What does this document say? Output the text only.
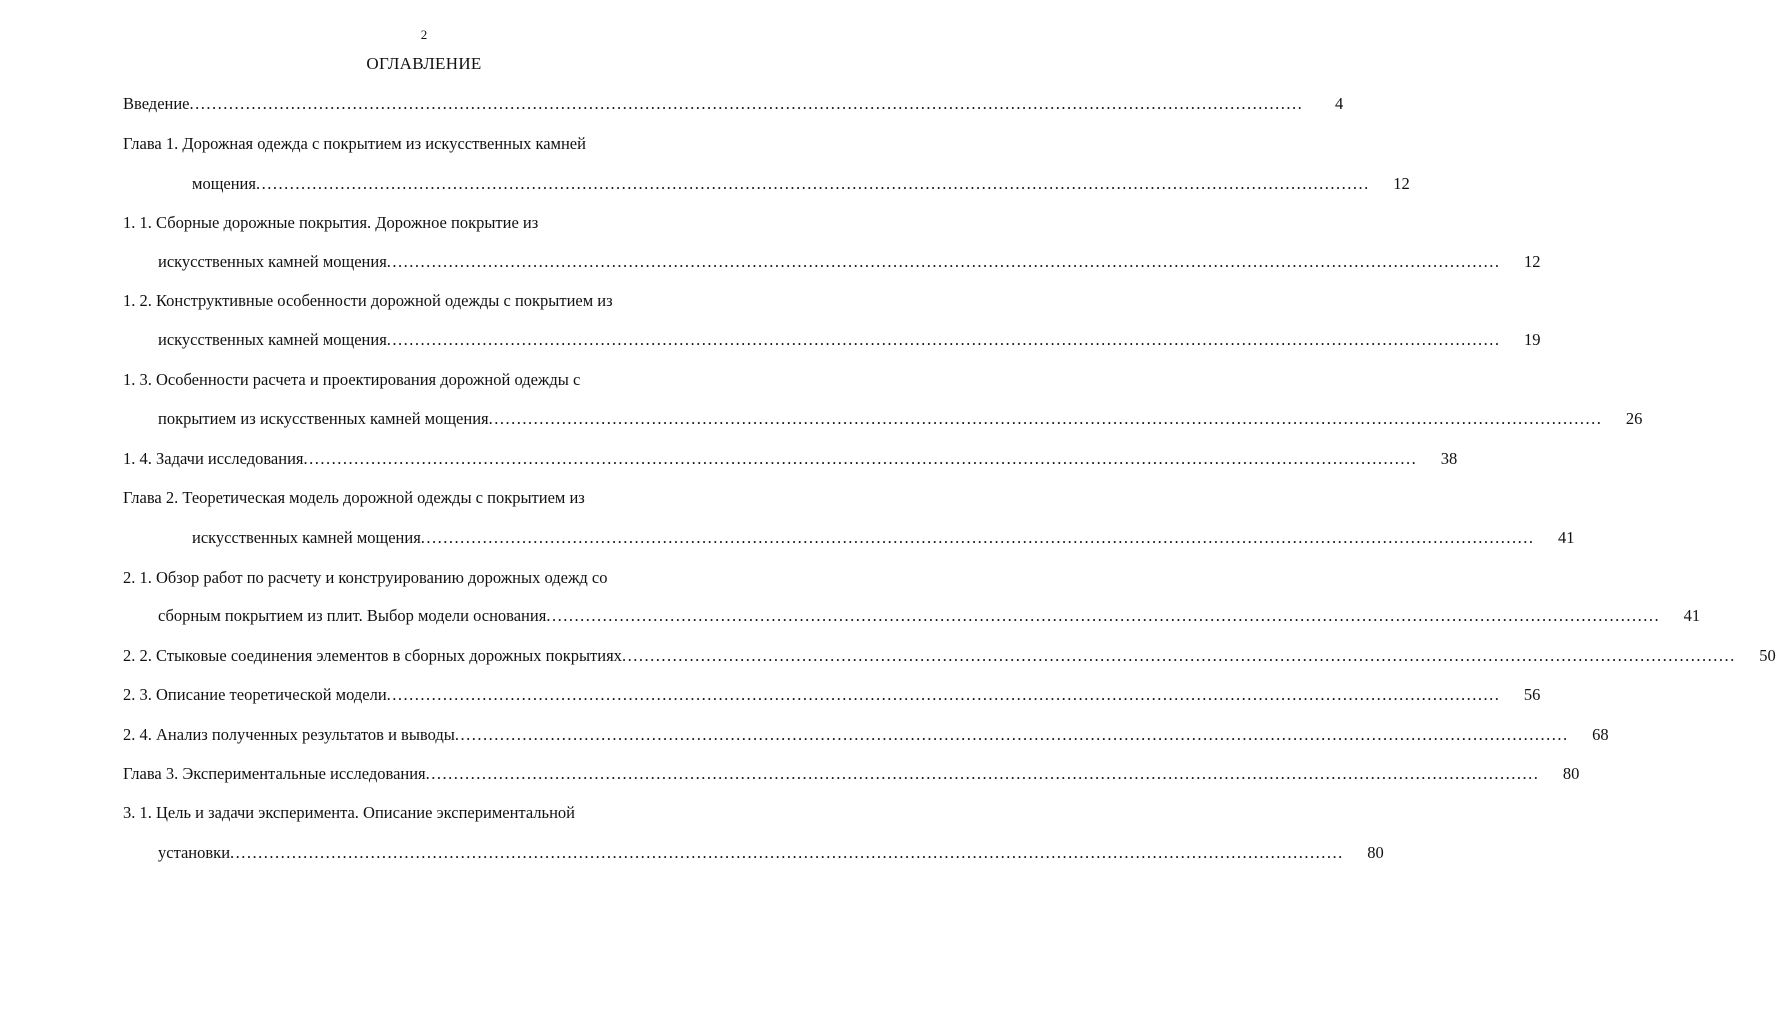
2
ОГЛАВЛЕНИЕ
Введение ......................................................................................................................................................................................................	4
Глава 1. Дорожная одежда с покрытием из искусственных камней
мощения ......................................................................................................................................................................................................	12
1. 1. Сборные дорожные покрытия. Дорожное покрытие из
искусственных камней мощения ......................................................................................................................................................................................................	12
1. 2. Конструктивные особенности дорожной одежды с покрытием из
искусственных камней мощения ......................................................................................................................................................................................................	19
1. 3. Особенности расчета и проектирования дорожной одежды с
покрытием из искусственных камней мощения ......................................................................................................................................................................................................	26
1. 4. Задачи исследования ......................................................................................................................................................................................................	38
Глава 2. Теоретическая модель дорожной одежды с покрытием из
искусственных камней мощения ......................................................................................................................................................................................................	41
2. 1. Обзор работ по расчету и конструированию дорожных одежд со
сборным покрытием из плит. Выбор модели основания ......................................................................................................................................................................................................	41
2. 2. Стыковые соединения элементов в сборных дорожных покрытиях ......................................................................................................................................................................................................	50
2. 3. Описание теоретической модели ......................................................................................................................................................................................................	56
2. 4. Анализ полученных результатов и выводы ......................................................................................................................................................................................................	68
Глава 3. Экспериментальные исследования ......................................................................................................................................................................................................	80
3. 1. Цель и задачи эксперимента. Описание экспериментальной
установки ......................................................................................................................................................................................................	80
